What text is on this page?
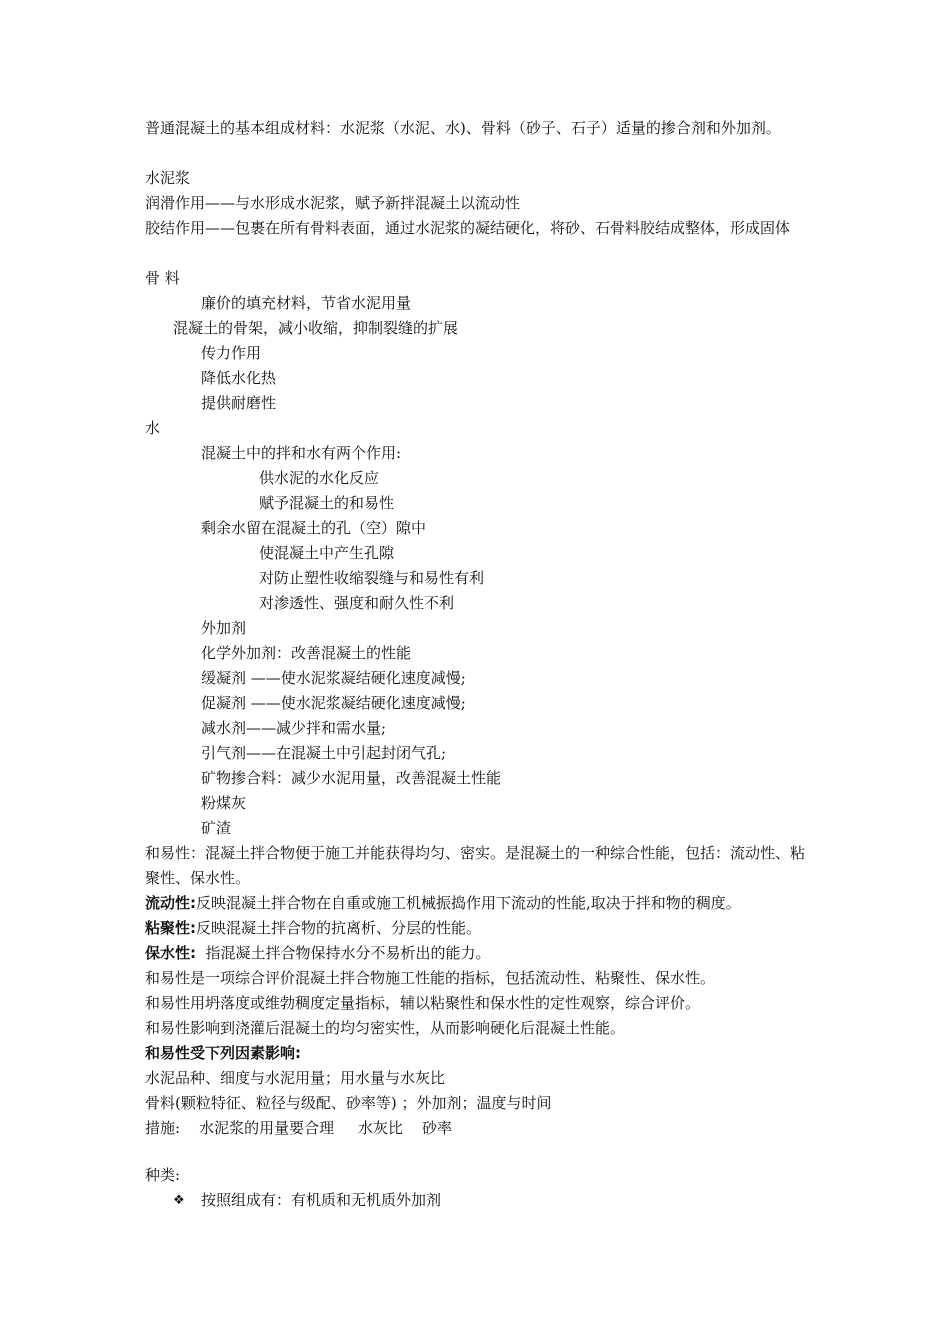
普通混凝土的基本组成材料：水泥浆（水泥、水)、骨料（砂子、石子）适量的掺合剂和外加剂。
水泥浆
润滑作用——与水形成水泥浆，赋予新拌混凝土以流动性
胶结作用——包裹在所有骨料表面，通过水泥浆的凝结硬化，将砂、石骨料胶结成整体，形成固体
骨 料
廉价的填充材料，节省水泥用量
混凝土的骨架，减小收缩，抑制裂缝的扩展
传力作用
降低水化热
提供耐磨性
水
混凝土中的拌和水有两个作用:
供水泥的水化反应
赋予混凝土的和易性
剩余水留在混凝土的孔（空）隙中
使混凝土中产生孔隙
对防止塑性收缩裂缝与和易性有利
对渗透性、强度和耐久性不利
外加剂
化学外加剂：改善混凝土的性能
缓凝剂 ——使水泥浆凝结硬化速度减慢;
促凝剂 ——使水泥浆凝结硬化速度减慢;
减水剂——减少拌和需水量;
引气剂——在混凝土中引起封闭气孔;
矿物掺合料：减少水泥用量，改善混凝土性能
粉煤灰
矿渣
和易性：混凝土拌合物便于施工并能获得均匀、密实。是混凝土的一种综合性能，包括：流动性、粘聚性、保水性。
流动性:反映混凝土拌合物在自重或施工机械振捣作用下流动的性能,取决于拌和物的稠度。
粘聚性:反映混凝土拌合物的抗离析、分层的性能。
保水性: 指混凝土拌合物保持水分不易析出的能力。
和易性是一项综合评价混凝土拌合物施工性能的指标，包括流动性、粘聚性、保水性。
和易性用坍落度或维勃稠度定量指标，辅以粘聚性和保水性的定性观察，综合评价。
和易性影响到浇灌后混凝土的均匀密实性，从而影响硬化后混凝土性能。
和易性受下列因素影响:
水泥品种、细度与水泥用量；用水量与水灰比
骨料(颗粒特征、粒径与级配、砂率等) ；外加剂；温度与时间
措施:    水泥浆的用量要合理     水灰比    砂率
种类:
❖ 按照组成有：有机质和无机质外加剂
